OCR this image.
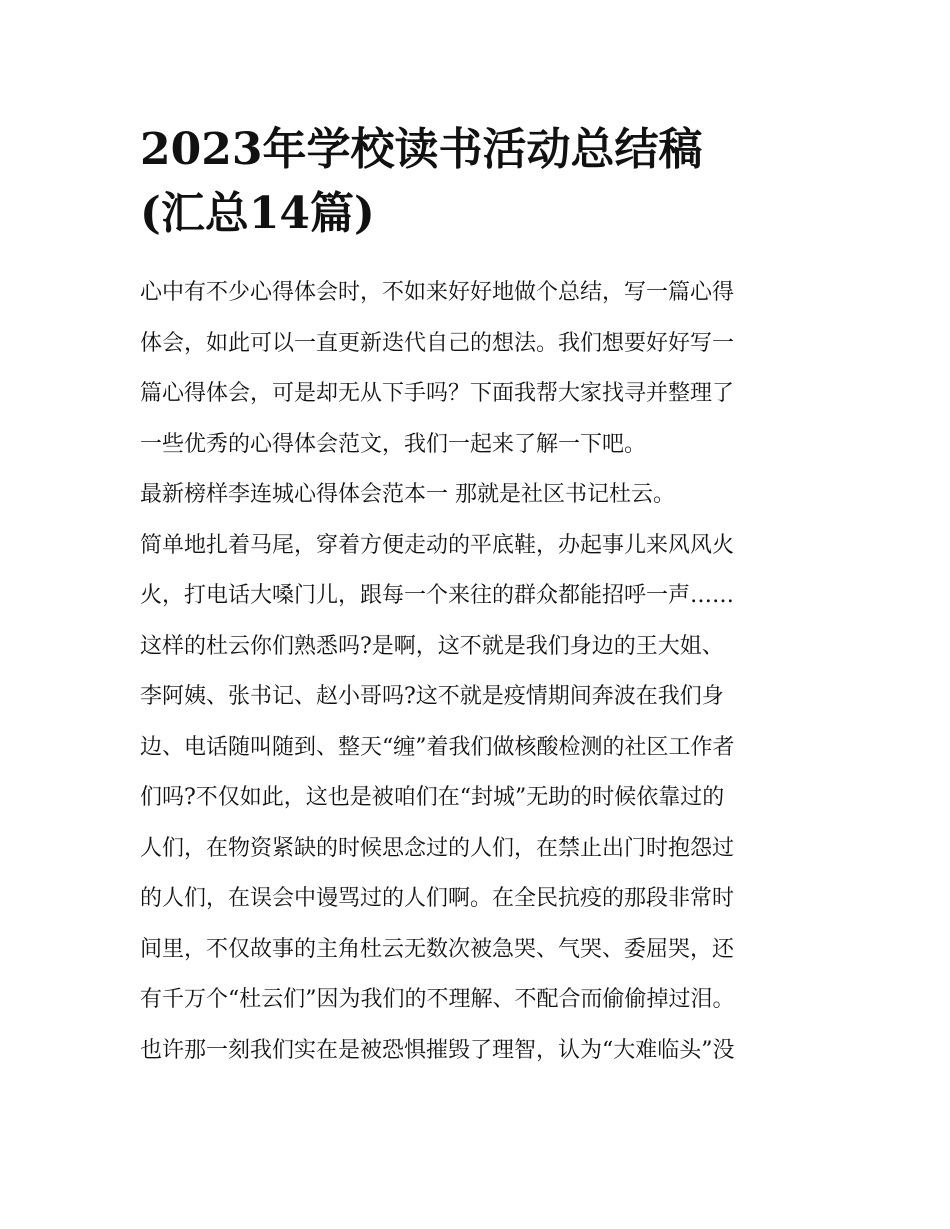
2023年学校读书活动总结稿
(汇总14篇)
心中有不少心得体会时，不如来好好地做个总结，写一篇心得
体会，如此可以一直更新迭代自己的想法。我们想要好好写一
篇心得体会，可是却无从下手吗？下面我帮大家找寻并整理了
一些优秀的心得体会范文，我们一起来了解一下吧。
最新榜样李连城心得体会范本一 那就是社区书记杜云。
简单地扎着马尾，穿着方便走动的平底鞋，办起事儿来风风火
火，打电话大嗓门儿，跟每一个来往的群众都能招呼一声……
这样的杜云你们熟悉吗?是啊，这不就是我们身边的王大姐、
李阿姨、张书记、赵小哥吗?这不就是疫情期间奔波在我们身
边、电话随叫随到、整天“缠”着我们做核酸检测的社区工作者
们吗?不仅如此，这也是被咱们在“封城”无助的时候依靠过的
人们，在物资紧缺的时候思念过的人们，在禁止出门时抱怨过
的人们，在误会中谩骂过的人们啊。在全民抗疫的那段非常时
间里，不仅故事的主角杜云无数次被急哭、气哭、委屈哭，还
有千万个“杜云们”因为我们的不理解、不配合而偷偷掉过泪。
也许那一刻我们实在是被恐惧摧毁了理智，认为“大难临头”没
